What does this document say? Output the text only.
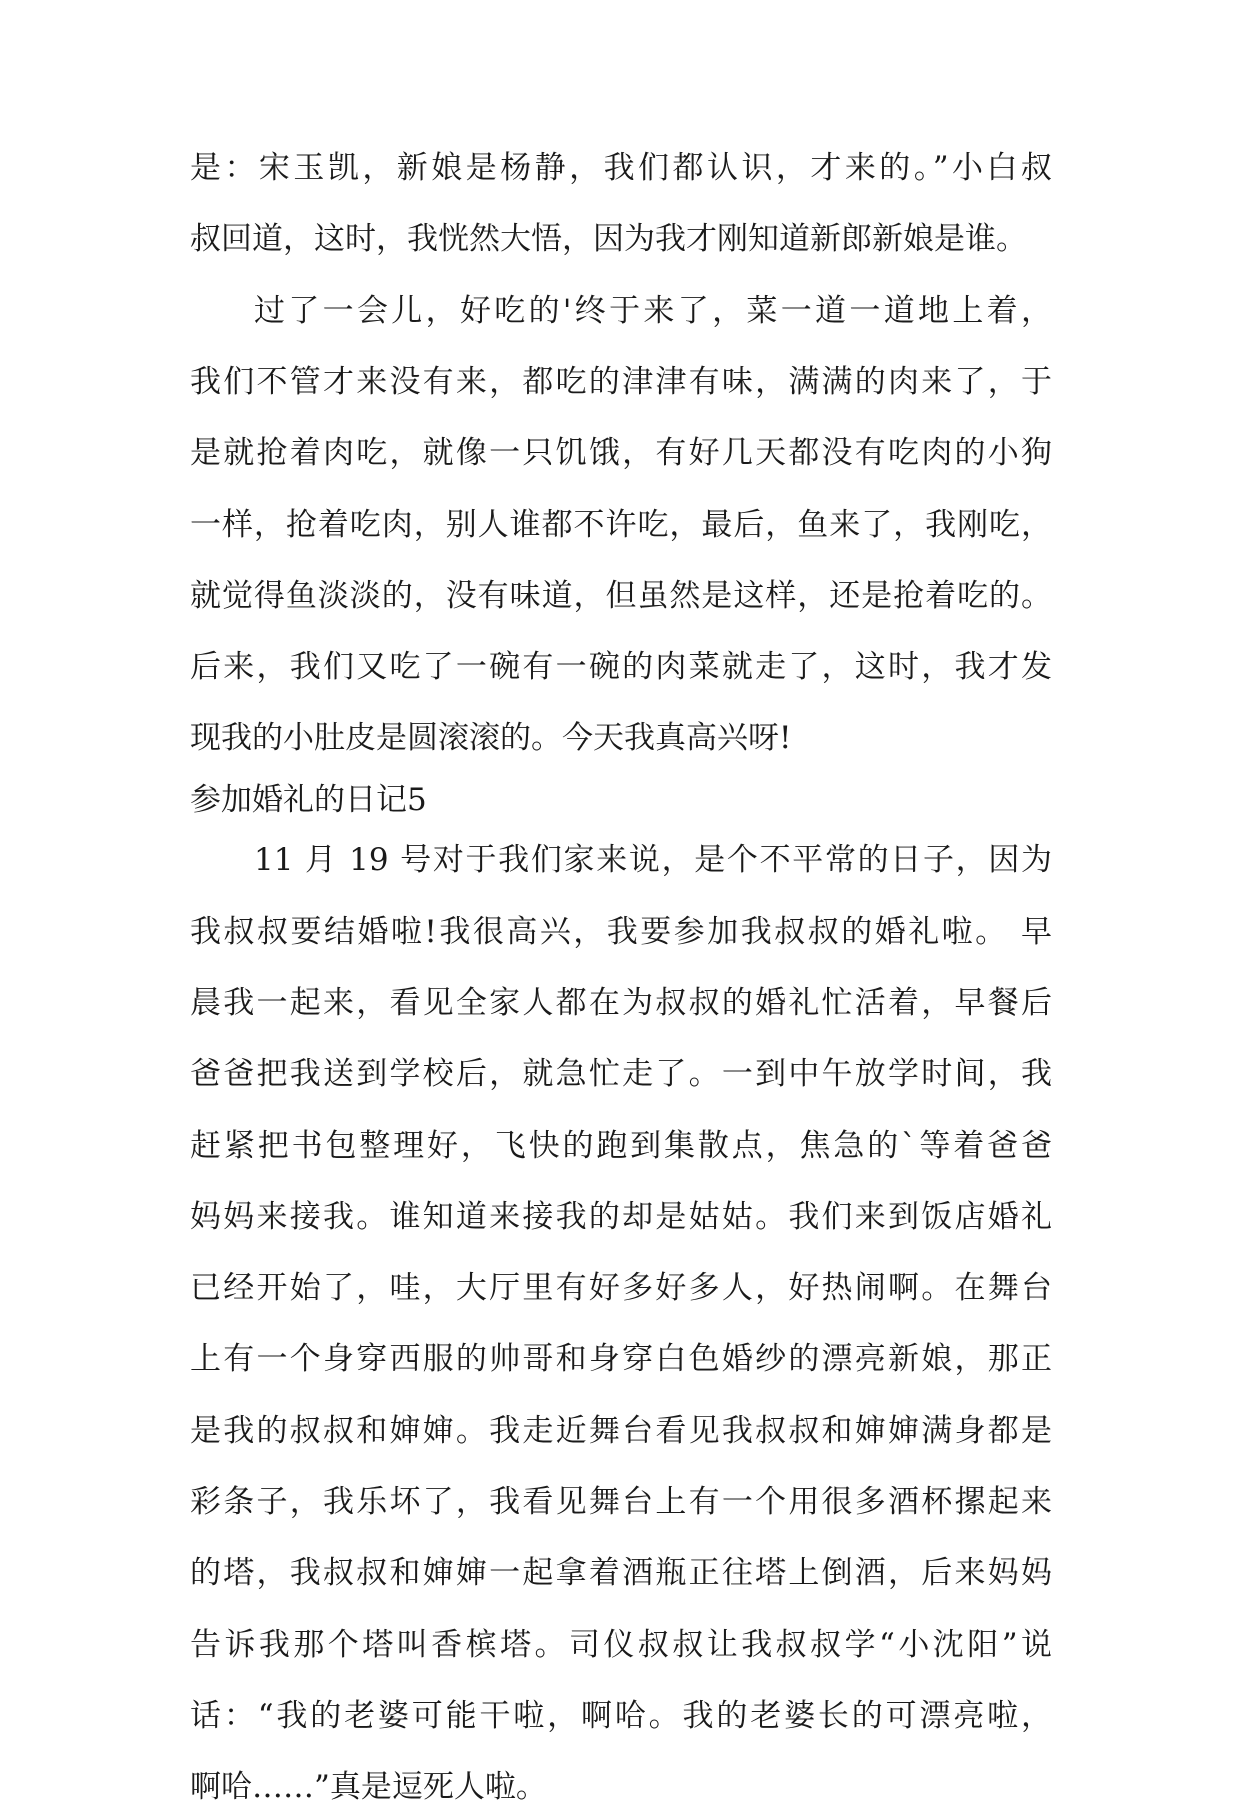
是：宋玉凯，新娘是杨静，我们都认识，才来的。”小白叔
叔回道，这时，我恍然大悟，因为我才刚知道新郎新娘是谁。
过了一会儿，好吃的'终于来了，菜一道一道地上着，
我们不管才来没有来，都吃的津津有味，满满的肉来了，于
是就抢着肉吃，就像一只饥饿，有好几天都没有吃肉的小狗
一样，抢着吃肉，别人谁都不许吃，最后，鱼来了，我刚吃，
就觉得鱼淡淡的，没有味道，但虽然是这样，还是抢着吃的。
后来，我们又吃了一碗有一碗的肉菜就走了，这时，我才发
现我的小肚皮是圆滚滚的。今天我真高兴呀!
参加婚礼的日记5
11 月 19 号对于我们家来说，是个不平常的日子，因为
我叔叔要结婚啦!我很高兴，我要参加我叔叔的婚礼啦。 早
晨我一起来，看见全家人都在为叔叔的婚礼忙活着，早餐后
爸爸把我送到学校后，就急忙走了。一到中午放学时间，我
赶紧把书包整理好，飞快的跑到集散点，焦急的`等着爸爸
妈妈来接我。谁知道来接我的却是姑姑。我们来到饭店婚礼
已经开始了，哇，大厅里有好多好多人，好热闹啊。在舞台
上有一个身穿西服的帅哥和身穿白色婚纱的漂亮新娘，那正
是我的叔叔和婶婶。我走近舞台看见我叔叔和婶婶满身都是
彩条子，我乐坏了，我看见舞台上有一个用很多酒杯摞起来
的塔，我叔叔和婶婶一起拿着酒瓶正往塔上倒酒，后来妈妈
告诉我那个塔叫香槟塔。司仪叔叔让我叔叔学“小沈阳”说
话：“我的老婆可能干啦，啊哈。我的老婆长的可漂亮啦，
啊哈……”真是逗死人啦。
